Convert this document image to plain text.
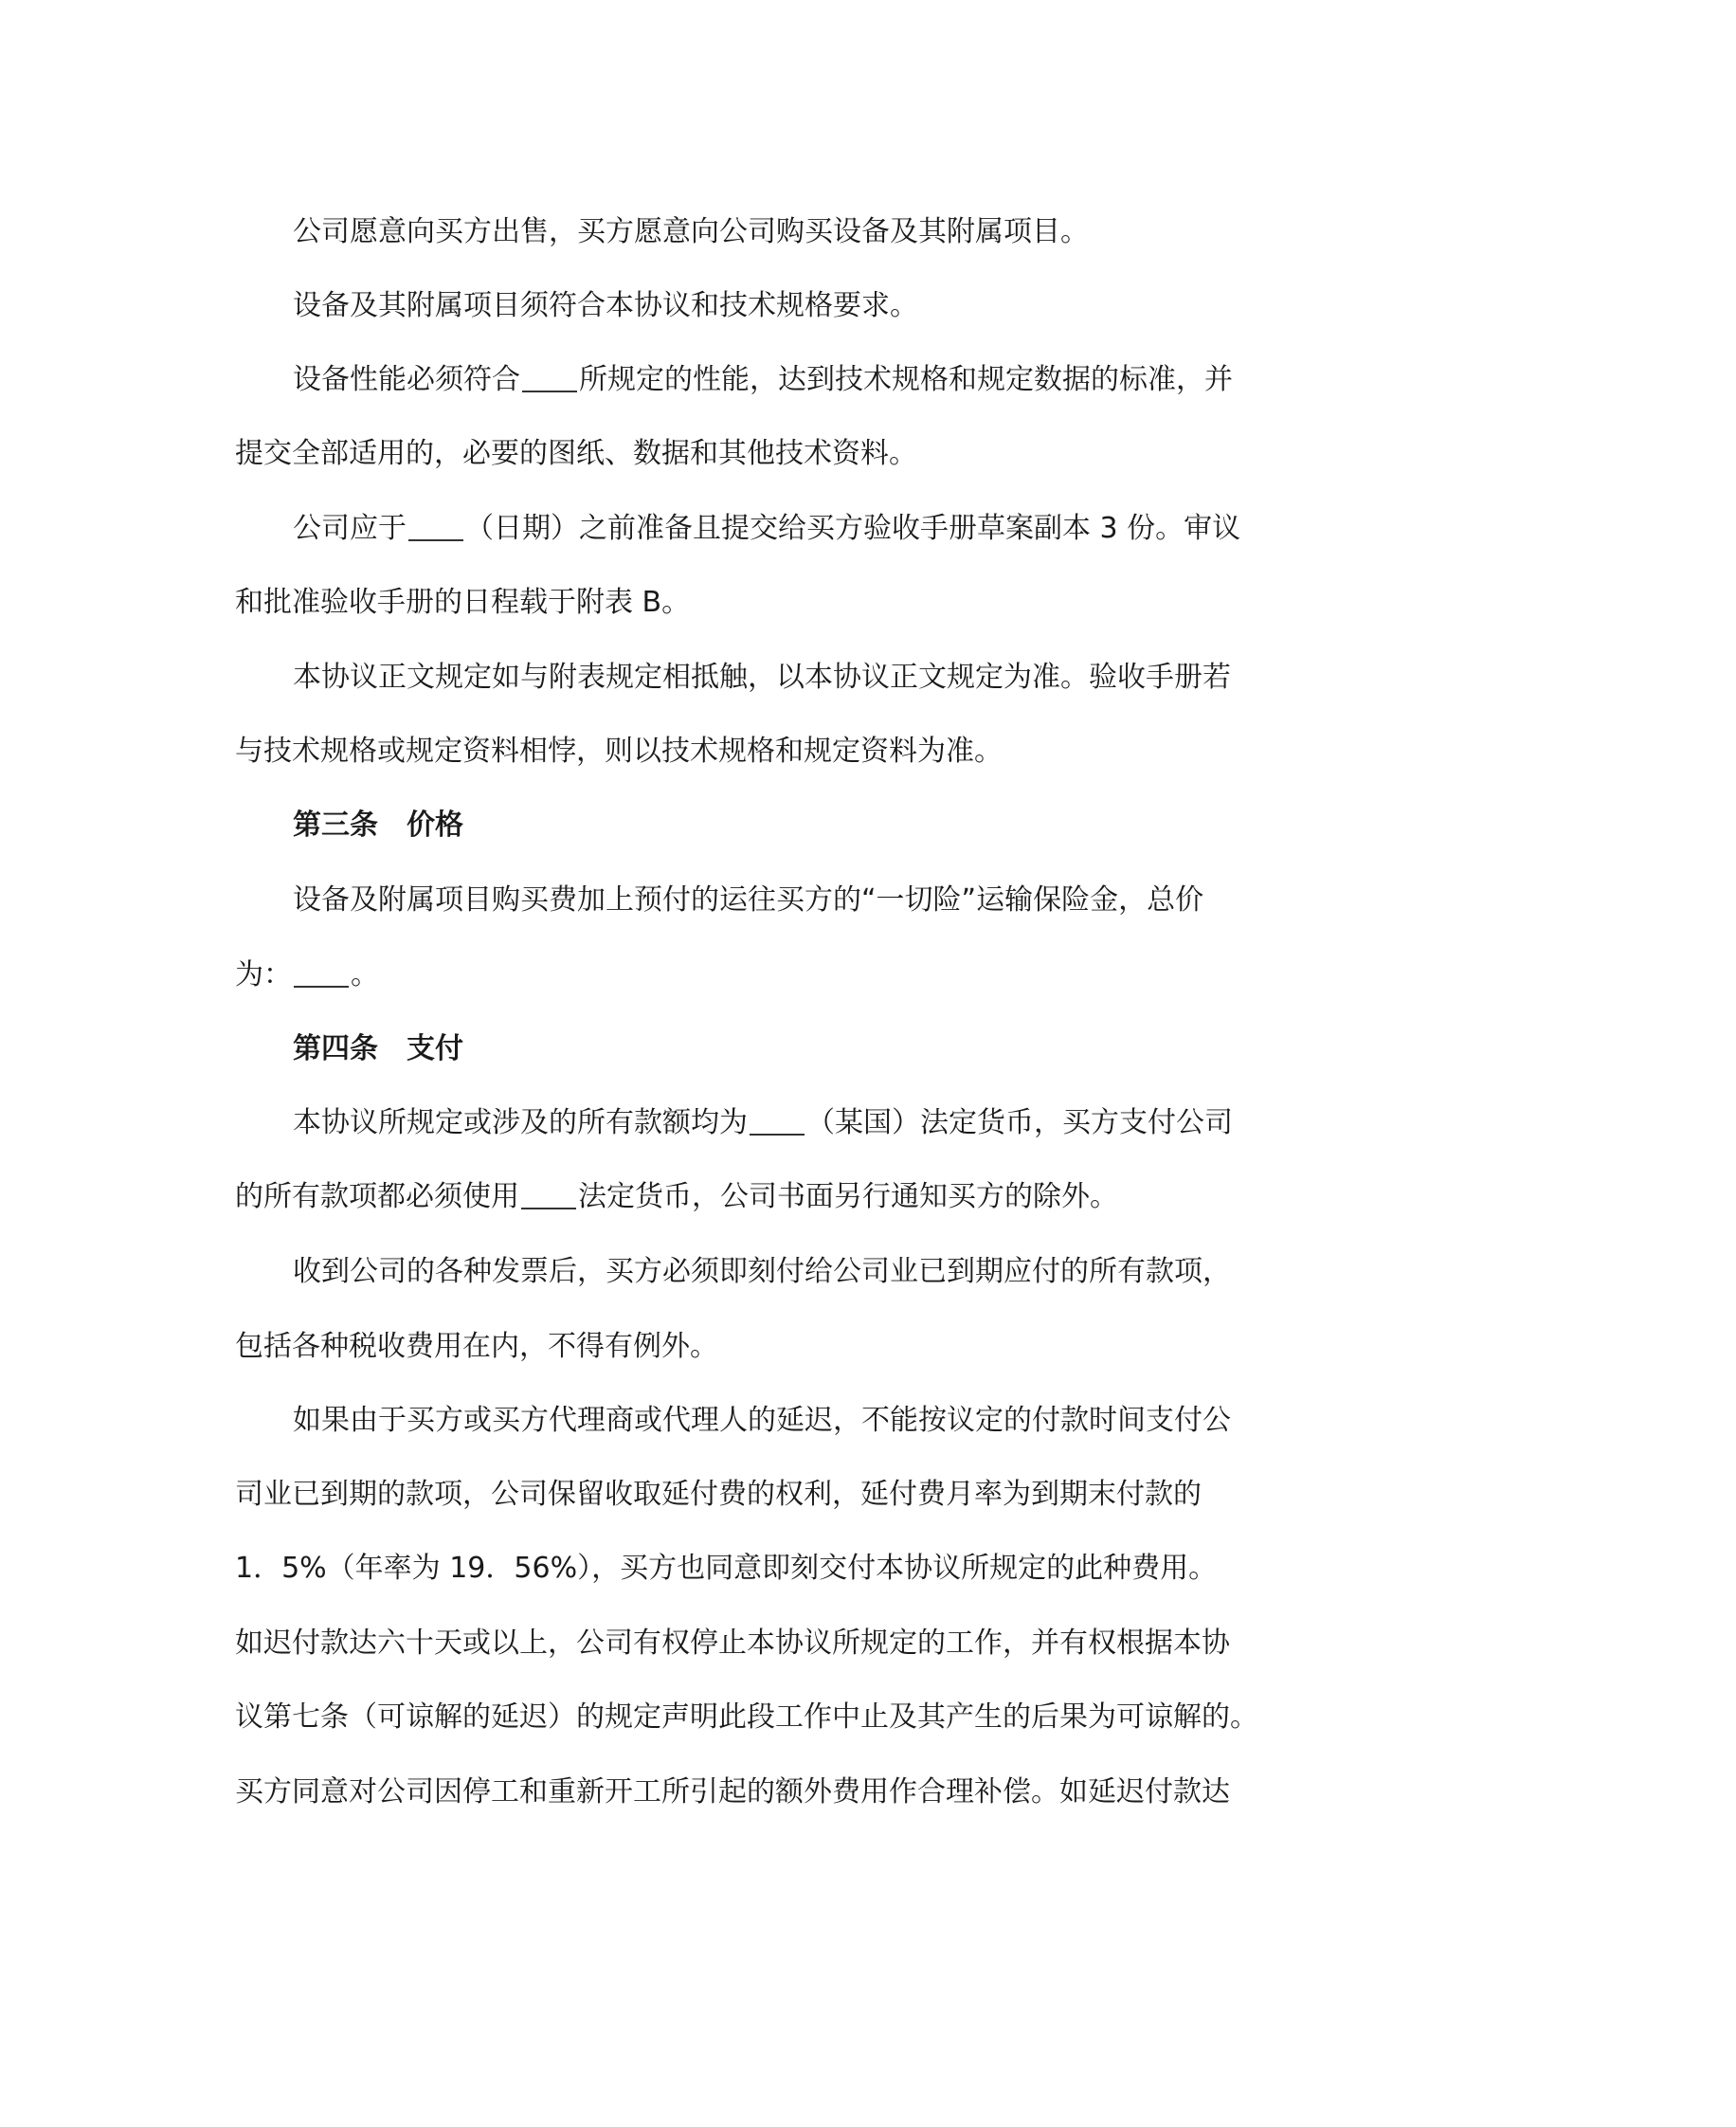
公司愿意向买方出售，买方愿意向公司购买设备及其附属项目。
设备及其附属项目须符合本协议和技术规格要求。
设备性能必须符合 所规定的性能，达到技术规格和规定数据的标准，并
提交全部适用的，必要的图纸、数据和其他技术资料。
公司应于 （日期）之前准备且提交给买方验收手册草案副本 3 份。审议
和批准验收手册的日程载于附表 B。
本协议正文规定如与附表规定相抵触，以本协议正文规定为准。验收手册若
与技术规格或规定资料相悖，则以技术规格和规定资料为准。
第三条 价格
设备及附属项目购买费加上预付的运往买方的“一切险”运输保险金，总价
为： 。
第四条 支付
本协议所规定或涉及的所有款额均为 （某国）法定货币，买方支付公司
的所有款项都必须使用 法定货币，公司书面另行通知买方的除外。
收到公司的各种发票后，买方必须即刻付给公司业已到期应付的所有款项，
包括各种税收费用在内，不得有例外。
如果由于买方或买方代理商或代理人的延迟，不能按议定的付款时间支付公
司业已到期的款项，公司保留收取延付费的权利，延付费月率为到期末付款的
1．5%（年率为 19．56%），买方也同意即刻交付本协议所规定的此种费用。
如迟付款达六十天或以上，公司有权停止本协议所规定的工作，并有权根据本协
议第七条（可谅解的延迟）的规定声明此段工作中止及其产生的后果为可谅解的。
买方同意对公司因停工和重新开工所引起的额外费用作合理补偿。如延迟付款达
